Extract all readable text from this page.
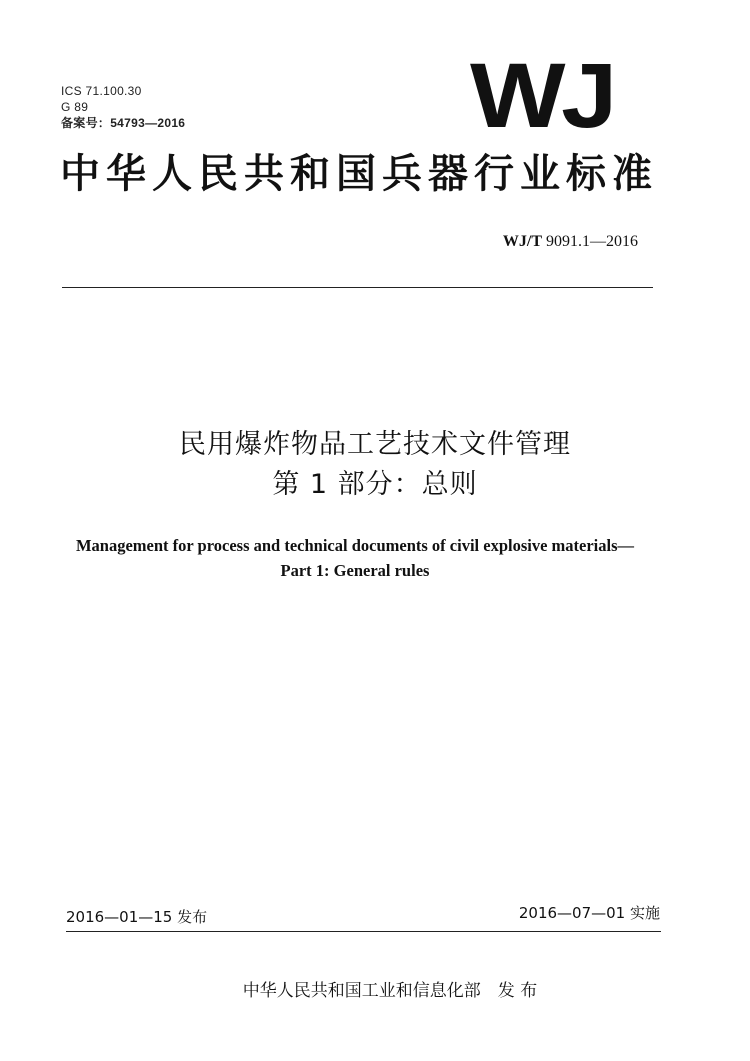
ICS 71.100.30
G 89
备案号：54793—2016	WJ
中华人民共和国兵器行业标准
WJ/T 9091.1—2016
民用爆炸物品工艺技术文件管理
第 1 部分：总则
Management for process and technical documents of civil explosive materials—
Part 1: General rules
2016—01—15 发布	2016—07—01 实施
中华人民共和国工业和信息化部　发 布
